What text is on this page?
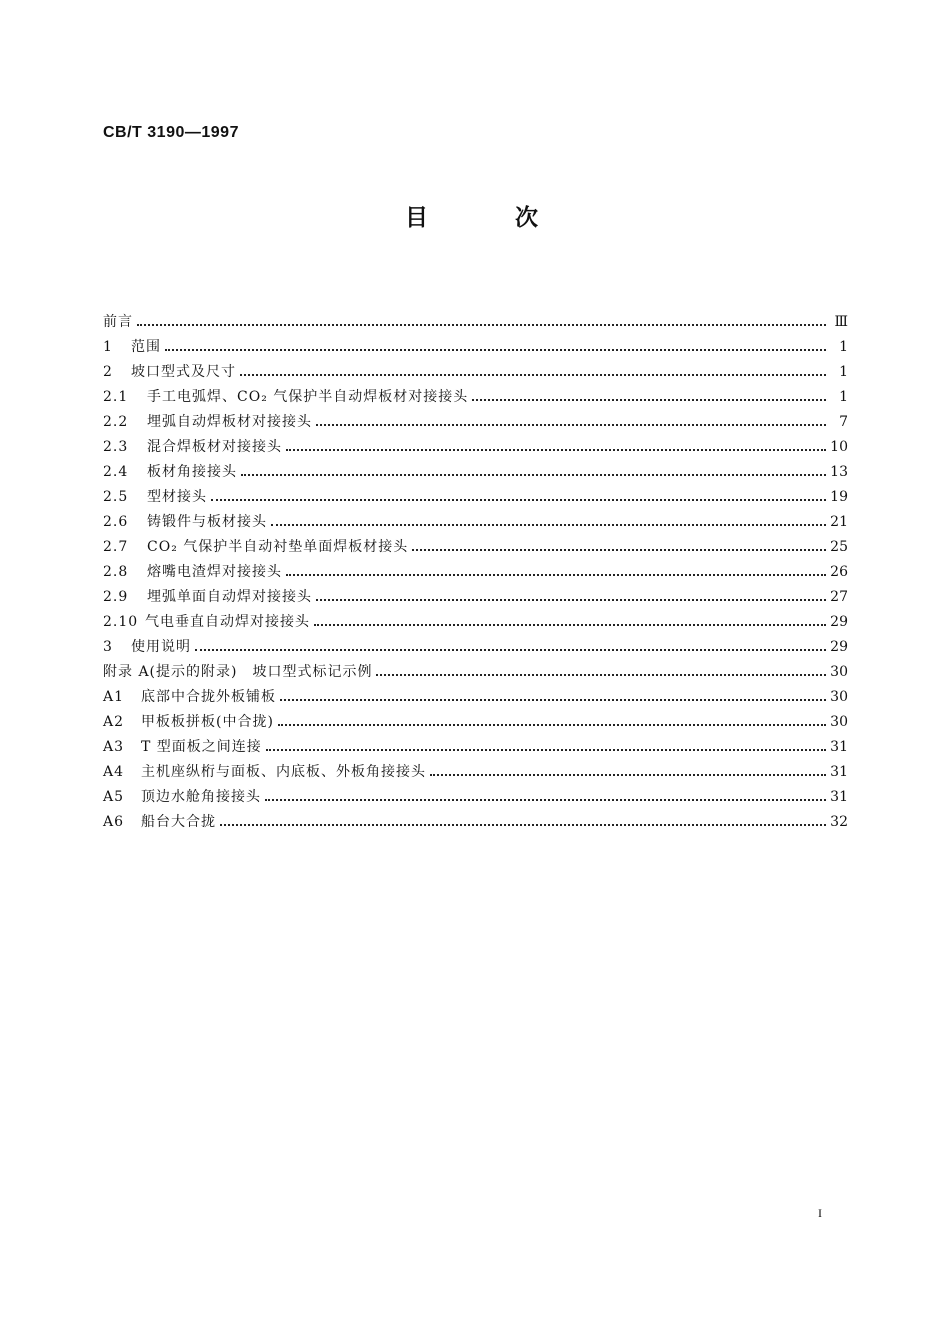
CB/T 3190—1997
目	次
前言	Ⅲ
1	范围	1
2	坡口型式及尺寸	1
2.1	手工电弧焊、CO₂ 气保护半自动焊板材对接接头	1
2.2	埋弧自动焊板材对接接头	7
2.3	混合焊板材对接接头	10
2.4	板材角接接头	13
2.5	型材接头	19
2.6	铸锻件与板材接头	21
2.7	CO₂ 气保护半自动衬垫单面焊板材接头	25
2.8	熔嘴电渣焊对接接头	26
2.9	埋弧单面自动焊对接接头	27
2.10 气电垂直自动焊对接接头	29
3	使用说明	29
附录 A(提示的附录)　坡口型式标记示例	30
A1	底部中合拢外板铺板	30
A2	甲板板拼板(中合拢)	30
A3	T 型面板之间连接	31
A4	主机座纵桁与面板、内底板、外板角接接头	31
A5	顶边水舱角接接头	31
A6	船台大合拢	32
I
